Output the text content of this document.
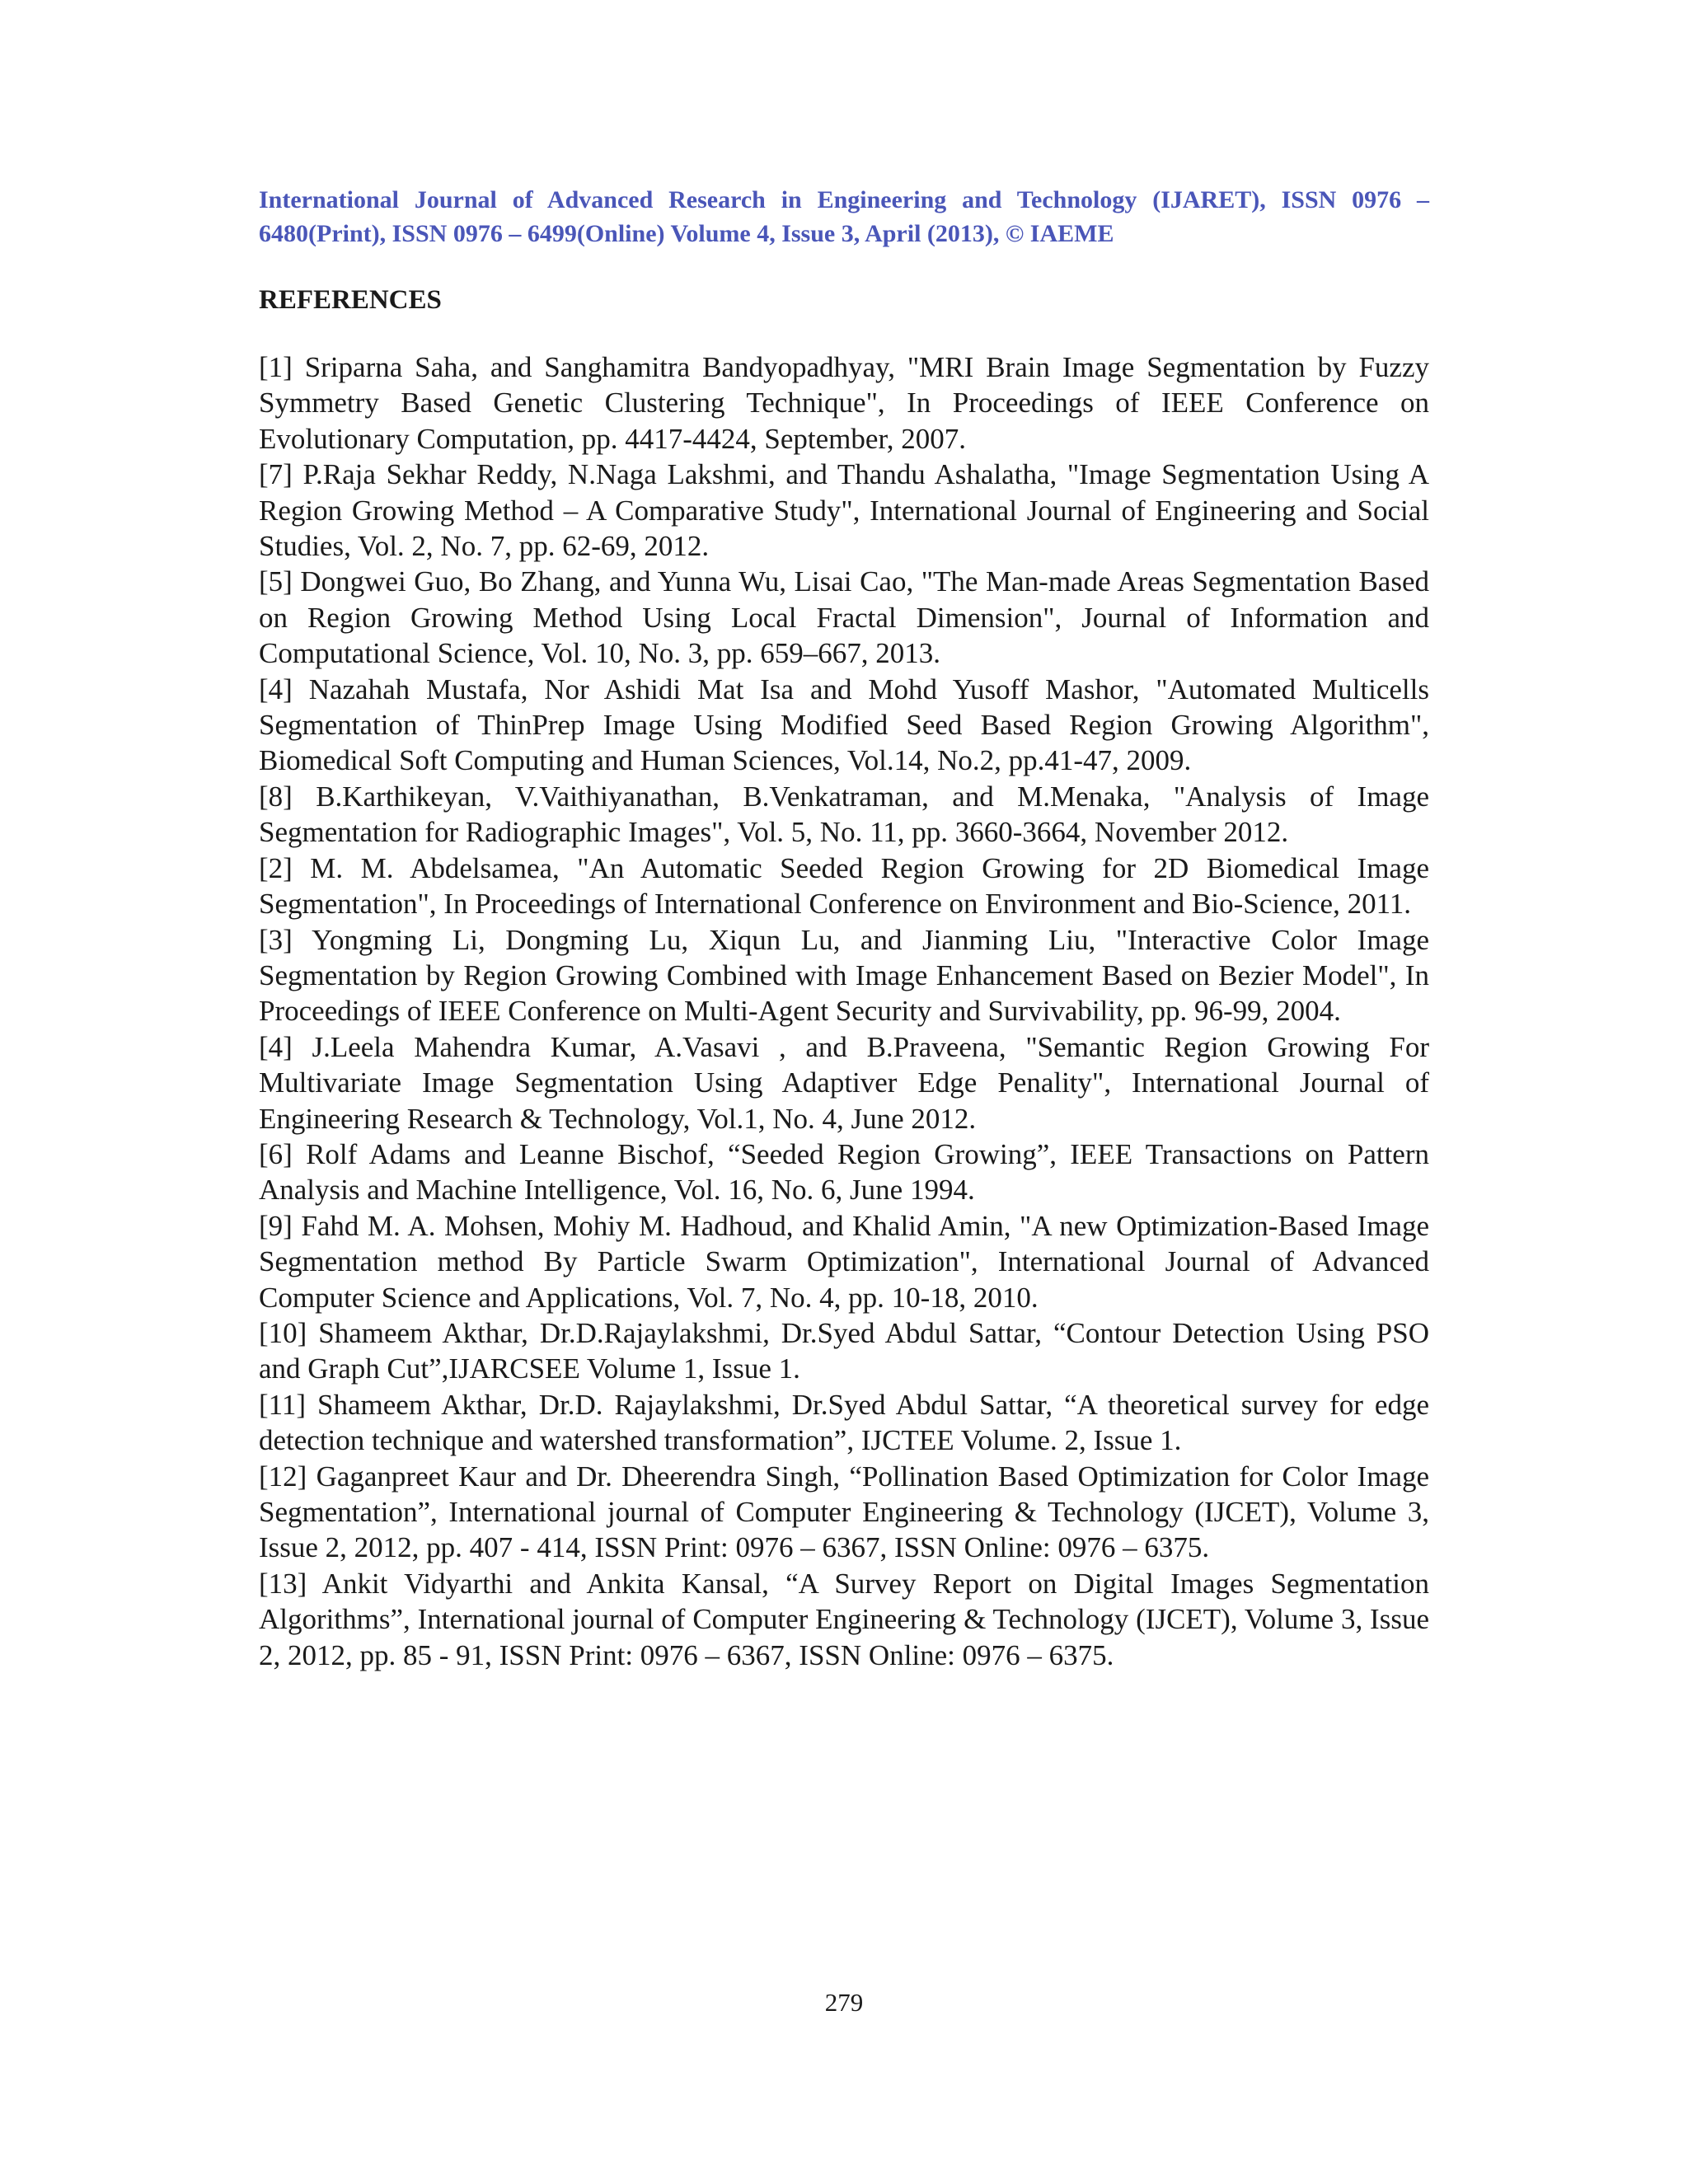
International Journal of Advanced Research in Engineering and Technology (IJARET), ISSN 0976 – 6480(Print), ISSN 0976 – 6499(Online) Volume 4, Issue 3, April (2013), © IAEME

REFERENCES
[1] Sriparna Saha, and Sanghamitra Bandyopadhyay, "MRI Brain Image Segmentation by Fuzzy Symmetry Based Genetic Clustering Technique", In Proceedings of IEEE Conference on Evolutionary Computation, pp. 4417-4424, September, 2007.
[7] P.Raja Sekhar Reddy, N.Naga Lakshmi, and Thandu Ashalatha, "Image Segmentation Using A Region Growing Method – A Comparative Study", International Journal of Engineering and Social Studies, Vol. 2, No. 7, pp. 62-69, 2012.
[5] Dongwei Guo, Bo Zhang, and Yunna Wu, Lisai Cao, "The Man-made Areas Segmentation Based on Region Growing Method Using Local Fractal Dimension", Journal of Information and Computational Science, Vol. 10, No. 3, pp. 659–667, 2013.
[4] Nazahah Mustafa, Nor Ashidi Mat Isa and Mohd Yusoff Mashor, "Automated Multicells Segmentation of ThinPrep Image Using Modified Seed Based Region Growing Algorithm", Biomedical Soft Computing and Human Sciences, Vol.14, No.2, pp.41-47, 2009.
[8] B.Karthikeyan, V.Vaithiyanathan, B.Venkatraman, and M.Menaka, "Analysis of Image Segmentation for Radiographic Images", Vol. 5, No. 11, pp. 3660-3664, November 2012.
[2] M. M. Abdelsamea, "An Automatic Seeded Region Growing for 2D Biomedical Image Segmentation", In Proceedings of International Conference on Environment and Bio-Science, 2011.
[3] Yongming Li, Dongming Lu, Xiqun Lu, and Jianming Liu, "Interactive Color Image Segmentation by Region Growing Combined with Image Enhancement Based on Bezier Model", In Proceedings of IEEE Conference on Multi-Agent Security and Survivability, pp. 96-99, 2004.
[4] J.Leela Mahendra Kumar, A.Vasavi , and B.Praveena, "Semantic Region Growing For Multivariate Image Segmentation Using Adaptiver Edge Penality", International Journal of Engineering Research & Technology, Vol.1, No. 4, June 2012.
[6] Rolf Adams and Leanne Bischof, “Seeded Region Growing”, IEEE Transactions on Pattern Analysis and Machine Intelligence, Vol. 16, No. 6, June 1994.
[9] Fahd M. A. Mohsen, Mohiy M. Hadhoud, and Khalid Amin, "A new Optimization-Based Image Segmentation method By Particle Swarm Optimization", International Journal of Advanced Computer Science and Applications, Vol. 7, No. 4, pp. 10-18, 2010.
[10] Shameem Akthar, Dr.D.Rajaylakshmi, Dr.Syed Abdul Sattar, “Contour Detection Using PSO and Graph Cut”,IJARCSEE Volume 1, Issue 1.
[11] Shameem Akthar, Dr.D. Rajaylakshmi, Dr.Syed Abdul Sattar, “A theoretical survey for edge detection technique and watershed transformation”, IJCTEE Volume. 2, Issue 1.
[12] Gaganpreet Kaur and Dr. Dheerendra Singh, “Pollination Based Optimization for Color Image Segmentation”, International journal of Computer Engineering & Technology (IJCET), Volume 3, Issue 2, 2012, pp. 407 - 414, ISSN Print: 0976 – 6367, ISSN Online: 0976 – 6375.
[13] Ankit Vidyarthi and Ankita Kansal, “A Survey Report on Digital Images Segmentation Algorithms”, International journal of Computer Engineering & Technology (IJCET), Volume 3, Issue 2, 2012, pp. 85 - 91, ISSN Print: 0976 – 6367, ISSN Online: 0976 – 6375.
279
